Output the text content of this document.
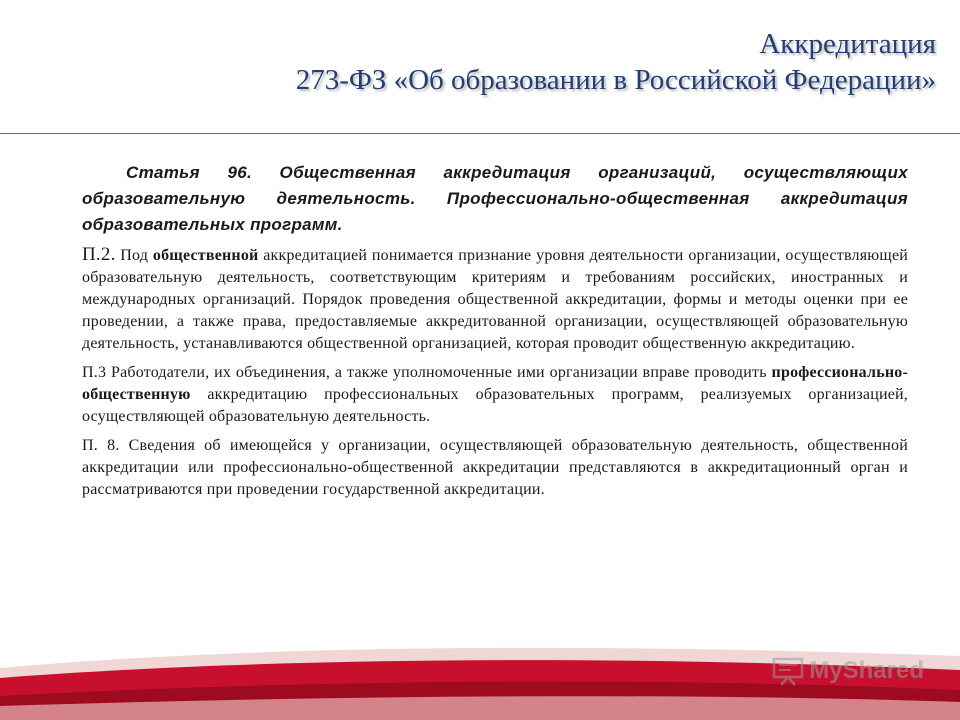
Аккредитация
273-ФЗ «Об образовании в Российской Федерации»

Статья 96. Общественная аккредитация организаций, осуществляющих образовательную деятельность. Профессионально-общественная аккредитация образовательных программ.

П.2. Под общественной аккредитацией понимается признание уровня деятельности организации, осуществляющей образовательную деятельность, соответствующим критериям и требованиям российских, иностранных и международных организаций. Порядок проведения общественной аккредитации, формы и методы оценки при ее проведении, а также права, предоставляемые аккредитованной организации, осуществляющей образовательную деятельность, устанавливаются общественной организацией, которая проводит общественную аккредитацию.

П.3 Работодатели, их объединения, а также уполномоченные ими организации вправе проводить профессионально-общественную аккредитацию профессиональных образовательных программ, реализуемых организацией, осуществляющей образовательную деятельность.

П. 8. Сведения об имеющейся у организации, осуществляющей образовательную деятельность, общественной аккредитации или профессионально-общественной аккредитации представляются в аккредитационный орган и рассматриваются при проведении государственной аккредитации.

MyShared
